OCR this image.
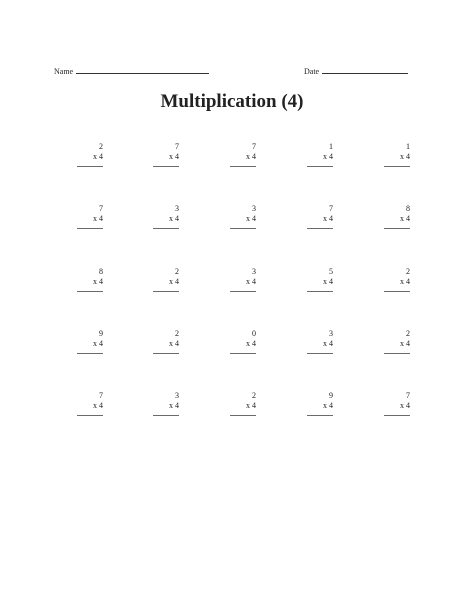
Name	Date
Multiplication (4)
2
x 4
7
x 4
7
x 4
1
x 4
1
x 4
7
x 4
3
x 4
3
x 4
7
x 4
8
x 4
8
x 4
2
x 4
3
x 4
5
x 4
2
x 4
9
x 4
2
x 4
0
x 4
3
x 4
2
x 4
7
x 4
3
x 4
2
x 4
9
x 4
7
x 4
